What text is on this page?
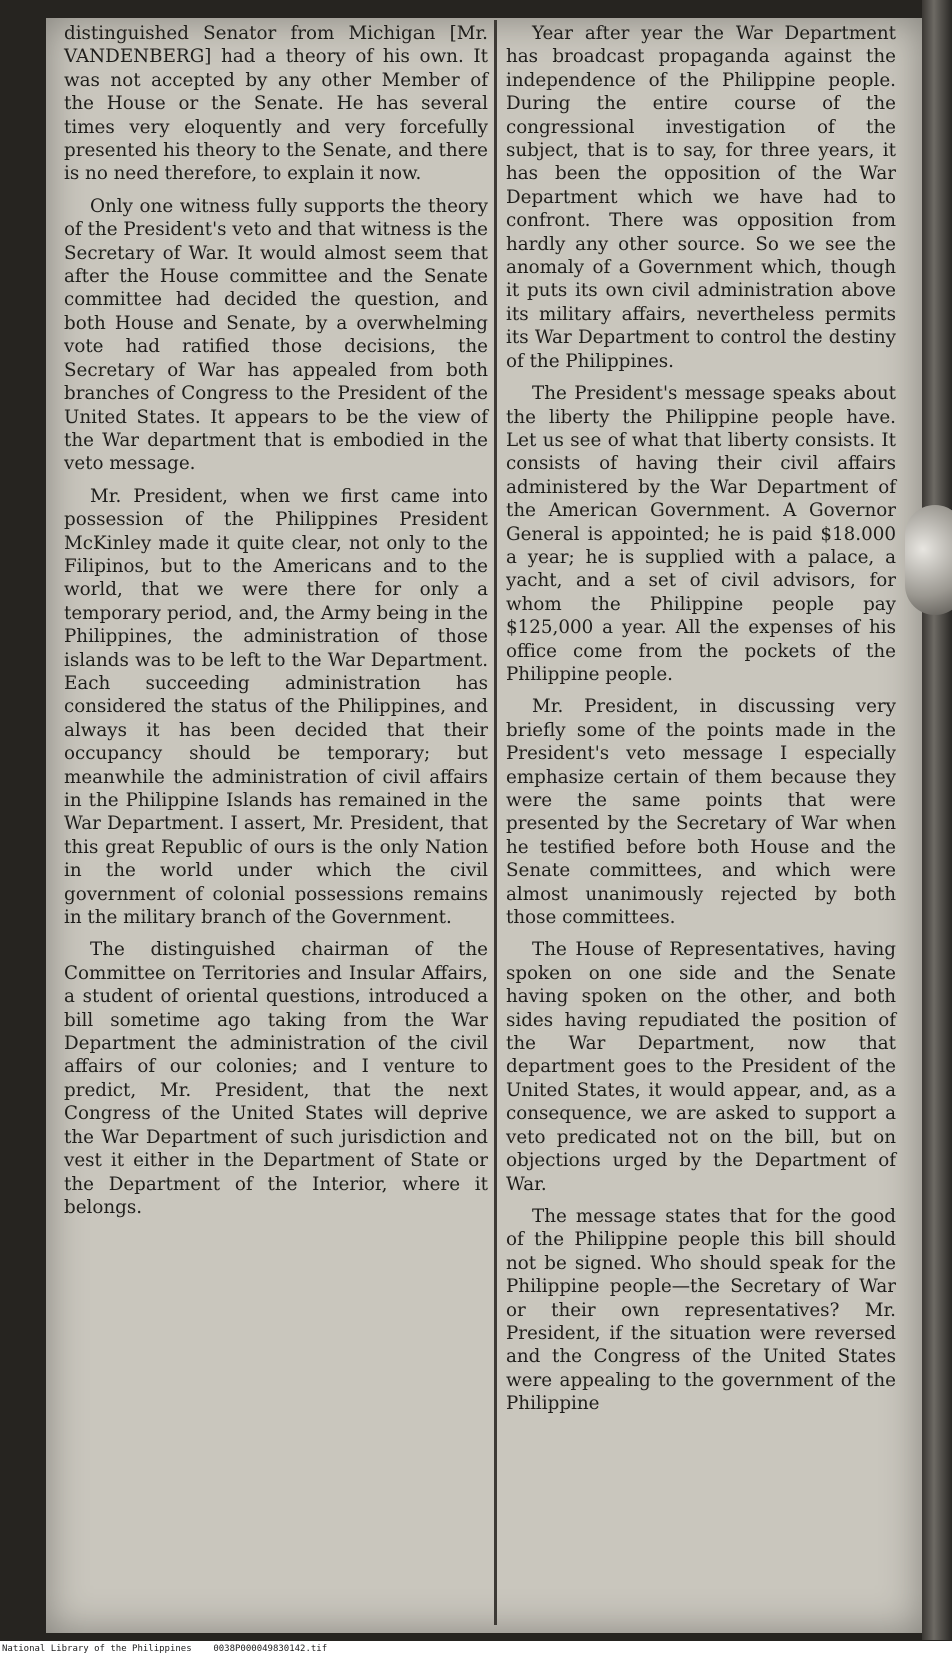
distinguished Senator from Michigan [Mr. VANDENBERG] had a theory of his own. It was not accepted by any other Member of the House or the Senate. He has several times very eloquently and very forcefully presented his theory to the Senate, and there is no need therefore, to explain it now.

Only one witness fully supports the theory of the President's veto and that witness is the Secretary of War. It would almost seem that after the House committee and the Senate committee had decided the question, and both House and Senate, by a overwhelming vote had ratified those decisions, the Secretary of War has appealed from both branches of Congress to the President of the United States. It appears to be the view of the War department that is embodied in the veto message.

Mr. President, when we first came into possession of the Philippines President McKinley made it quite clear, not only to the Filipinos, but to the Americans and to the world, that we were there for only a temporary period, and, the Army being in the Philippines, the administration of those islands was to be left to the War Department. Each succeeding administration has considered the status of the Philippines, and always it has been decided that their occupancy should be temporary; but meanwhile the administration of civil affairs in the Philippine Islands has remained in the War Department. I assert, Mr. President, that this great Republic of ours is the only Nation in the world under which the civil government of colonial possessions remains in the military branch of the Government.

The distinguished chairman of the Committee on Territories and Insular Affairs, a student of oriental questions, introduced a bill sometime ago taking from the War Department the administration of the civil affairs of our colonies; and I venture to predict, Mr. President, that the next Congress of the United States will deprive the War Department of such jurisdiction and vest it either in the Department of State or the Department of the Interior, where it belongs.

Year after year the War Department has broadcast propaganda against the independence of the Philippine people. During the entire course of the congressional investigation of the subject, that is to say, for three years, it has been the opposition of the War Department which we have had to confront. There was opposition from hardly any other source. So we see the anomaly of a Government which, though it puts its own civil administration above its military affairs, nevertheless permits its War Department to control the destiny of the Philippines.

The President's message speaks about the liberty the Philippine people have. Let us see of what that liberty consists. It consists of having their civil affairs administered by the War Department of the American Government. A Governor General is appointed; he is paid $18.000 a year; he is supplied with a palace, a yacht, and a set of civil advisors, for whom the Philippine people pay $125,000 a year. All the expenses of his office come from the pockets of the Philippine people.

Mr. President, in discussing very briefly some of the points made in the President's veto message I especially emphasize certain of them because they were the same points that were presented by the Secretary of War when he testified before both House and the Senate committees, and which were almost unanimously rejected by both those committees.

The House of Representatives, having spoken on one side and the Senate having spoken on the other, and both sides having repudiated the position of the War Department, now that department goes to the President of the United States, it would appear, and, as a consequence, we are asked to support a veto predicated not on the bill, but on objections urged by the Department of War.

The message states that for the good of the Philippine people this bill should not be signed. Who should speak for the Philippine people—the Secretary of War or their own representatives? Mr. President, if the situation were reversed and the Congress of the United States were appealing to the government of the Philippine

National Library of the Philippines 0038P000049830142.tif
